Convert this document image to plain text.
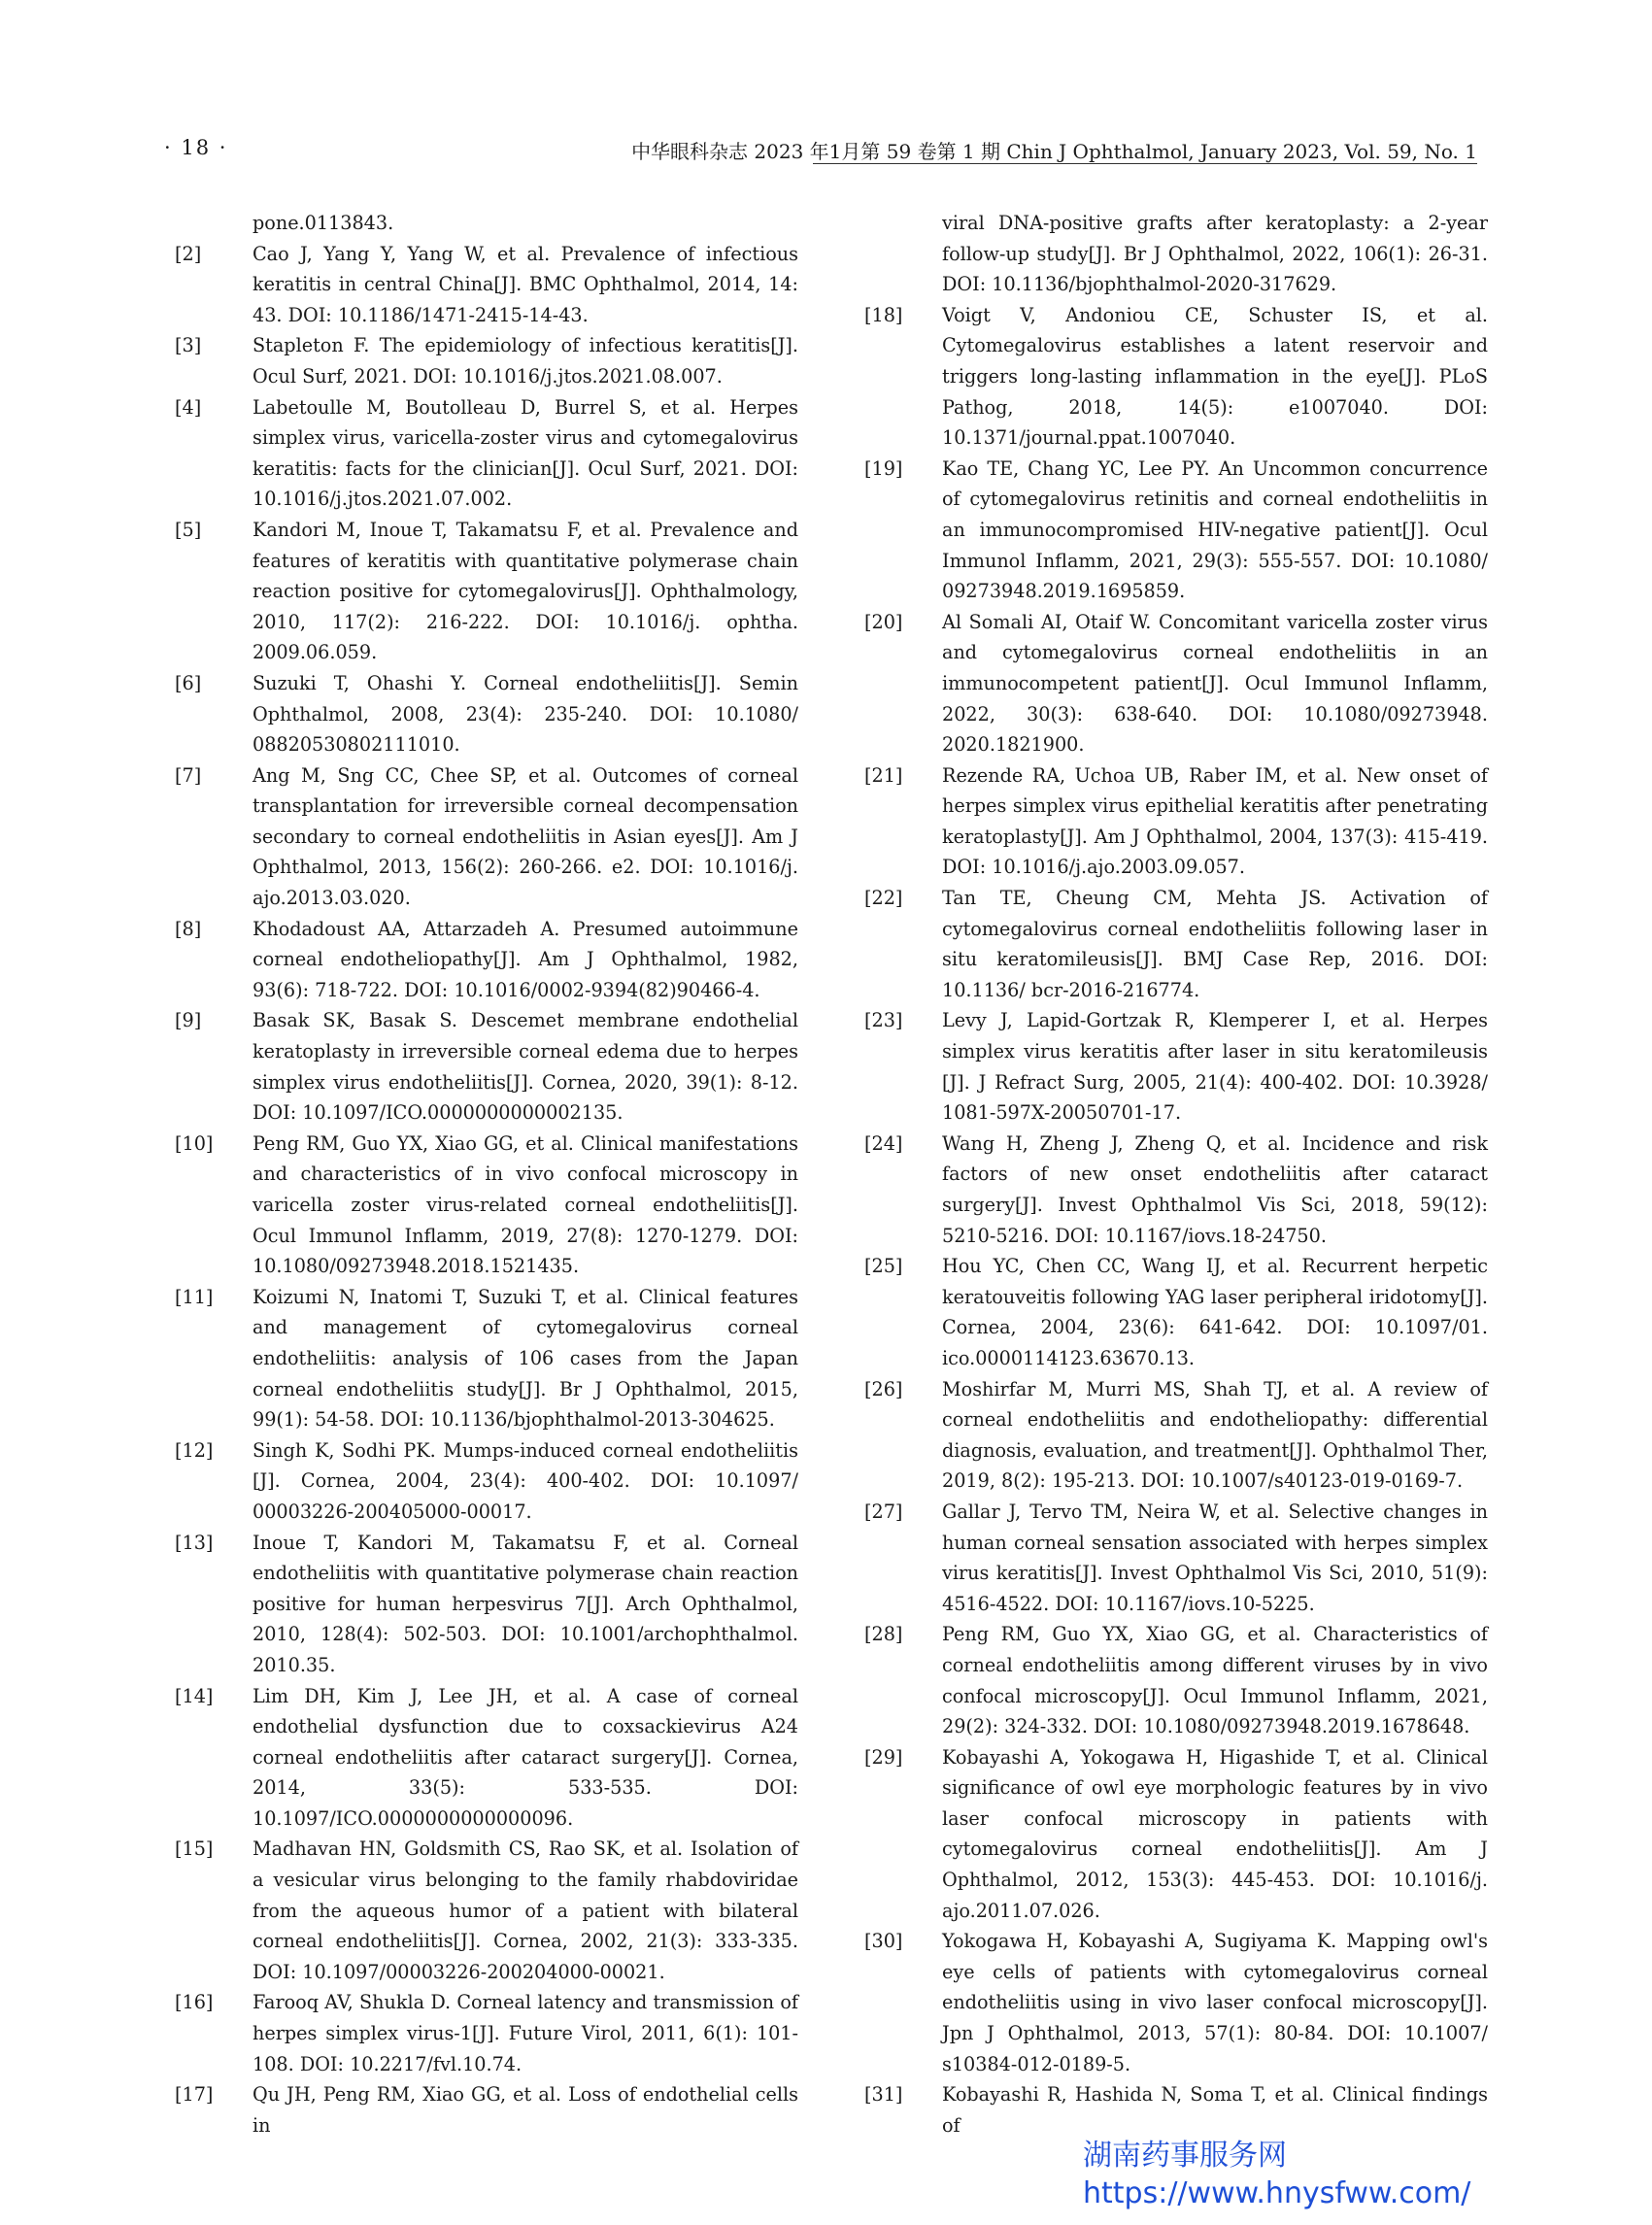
· 18 ·	中华眼科杂志 2023 年1月第 59 卷第 1 期 Chin J Ophthalmol, January 2023, Vol. 59, No. 1
pone.0113843.
[2]	Cao J, Yang Y, Yang W, et al. Prevalence of infectious keratitis in central China[J]. BMC Ophthalmol, 2014, 14: 43. DOI: 10.1186/1471-2415-14-43.
[3]	Stapleton F. The epidemiology of infectious keratitis[J]. Ocul Surf, 2021. DOI: 10.1016/j.jtos.2021.08.007.
[4]	Labetoulle M, Boutolleau D, Burrel S, et al. Herpes simplex virus, varicella-zoster virus and cytomegalovirus keratitis: facts for the clinician[J]. Ocul Surf, 2021. DOI: 10.1016/j.jtos.2021.07.002.
[5]	Kandori M, Inoue T, Takamatsu F, et al. Prevalence and features of keratitis with quantitative polymerase chain reaction positive for cytomegalovirus[J]. Ophthalmology, 2010, 117(2): 216-222. DOI: 10.1016/j. ophtha. 2009.06.059.
[6]	Suzuki T, Ohashi Y. Corneal endotheliitis[J]. Semin Ophthalmol, 2008, 23(4): 235-240. DOI: 10.1080/ 08820530802111010.
[7]	Ang M, Sng CC, Chee SP, et al. Outcomes of corneal transplantation for irreversible corneal decompensation secondary to corneal endotheliitis in Asian eyes[J]. Am J Ophthalmol, 2013, 156(2): 260-266. e2. DOI: 10.1016/j. ajo.2013.03.020.
[8]	Khodadoust AA, Attarzadeh A. Presumed autoimmune corneal endotheliopathy[J]. Am J Ophthalmol, 1982, 93(6): 718-722. DOI: 10.1016/0002-9394(82)90466-4.
[9]	Basak SK, Basak S. Descemet membrane endothelial keratoplasty in irreversible corneal edema due to herpes simplex virus endotheliitis[J]. Cornea, 2020, 39(1): 8-12. DOI: 10.1097/ICO.0000000000002135.
[10]	Peng RM, Guo YX, Xiao GG, et al. Clinical manifestations and characteristics of in vivo confocal microscopy in varicella zoster virus-related corneal endotheliitis[J]. Ocul Immunol Inflamm, 2019, 27(8): 1270-1279. DOI: 10.1080/09273948.2018.1521435.
[11]	Koizumi N, Inatomi T, Suzuki T, et al. Clinical features and management of cytomegalovirus corneal endotheliitis: analysis of 106 cases from the Japan corneal endotheliitis study[J]. Br J Ophthalmol, 2015, 99(1): 54-58. DOI: 10.1136/bjophthalmol-2013-304625.
[12]	Singh K, Sodhi PK. Mumps-induced corneal endotheliitis [J]. Cornea, 2004, 23(4): 400-402. DOI: 10.1097/ 00003226-200405000-00017.
[13]	Inoue T, Kandori M, Takamatsu F, et al. Corneal endotheliitis with quantitative polymerase chain reaction positive for human herpesvirus 7[J]. Arch Ophthalmol, 2010, 128(4): 502-503. DOI: 10.1001/archophthalmol. 2010.35.
[14]	Lim DH, Kim J, Lee JH, et al. A case of corneal endothelial dysfunction due to coxsackievirus A24 corneal endotheliitis after cataract surgery[J]. Cornea, 2014, 33(5): 533-535. DOI: 10.1097/ICO.0000000000000096.
[15]	Madhavan HN, Goldsmith CS, Rao SK, et al. Isolation of a vesicular virus belonging to the family rhabdoviridae from the aqueous humor of a patient with bilateral corneal endotheliitis[J]. Cornea, 2002, 21(3): 333-335. DOI: 10.1097/00003226-200204000-00021.
[16]	Farooq AV, Shukla D. Corneal latency and transmission of herpes simplex virus-1[J]. Future Virol, 2011, 6(1): 101-108. DOI: 10.2217/fvl.10.74.
[17]	Qu JH, Peng RM, Xiao GG, et al. Loss of endothelial cells in
viral DNA-positive grafts after keratoplasty: a 2-year follow-up study[J]. Br J Ophthalmol, 2022, 106(1): 26-31. DOI: 10.1136/bjophthalmol-2020-317629.
[18]	Voigt V, Andoniou CE, Schuster IS, et al. Cytomegalovirus establishes a latent reservoir and triggers long-lasting inflammation in the eye[J]. PLoS Pathog, 2018, 14(5): e1007040. DOI: 10.1371/journal.ppat.1007040.
[19]	Kao TE, Chang YC, Lee PY. An Uncommon concurrence of cytomegalovirus retinitis and corneal endotheliitis in an immunocompromised HIV-negative patient[J]. Ocul Immunol Inflamm, 2021, 29(3): 555-557. DOI: 10.1080/ 09273948.2019.1695859.
[20]	Al Somali AI, Otaif W. Concomitant varicella zoster virus and cytomegalovirus corneal endotheliitis in an immunocompetent patient[J]. Ocul Immunol Inflamm, 2022, 30(3): 638-640. DOI: 10.1080/09273948. 2020.1821900.
[21]	Rezende RA, Uchoa UB, Raber IM, et al. New onset of herpes simplex virus epithelial keratitis after penetrating keratoplasty[J]. Am J Ophthalmol, 2004, 137(3): 415-419. DOI: 10.1016/j.ajo.2003.09.057.
[22]	Tan TE, Cheung CM, Mehta JS. Activation of cytomegalovirus corneal endotheliitis following laser in situ keratomileusis[J]. BMJ Case Rep, 2016. DOI: 10.1136/ bcr-2016-216774.
[23]	Levy J, Lapid-Gortzak R, Klemperer I, et al. Herpes simplex virus keratitis after laser in situ keratomileusis [J]. J Refract Surg, 2005, 21(4): 400-402. DOI: 10.3928/ 1081-597X-20050701-17.
[24]	Wang H, Zheng J, Zheng Q, et al. Incidence and risk factors of new onset endotheliitis after cataract surgery[J]. Invest Ophthalmol Vis Sci, 2018, 59(12): 5210-5216. DOI: 10.1167/iovs.18-24750.
[25]	Hou YC, Chen CC, Wang IJ, et al. Recurrent herpetic keratouveitis following YAG laser peripheral iridotomy[J]. Cornea, 2004, 23(6): 641-642. DOI: 10.1097/01. ico.0000114123.63670.13.
[26]	Moshirfar M, Murri MS, Shah TJ, et al. A review of corneal endotheliitis and endotheliopathy: differential diagnosis, evaluation, and treatment[J]. Ophthalmol Ther, 2019, 8(2): 195-213. DOI: 10.1007/s40123-019-0169-7.
[27]	Gallar J, Tervo TM, Neira W, et al. Selective changes in human corneal sensation associated with herpes simplex virus keratitis[J]. Invest Ophthalmol Vis Sci, 2010, 51(9): 4516-4522. DOI: 10.1167/iovs.10-5225.
[28]	Peng RM, Guo YX, Xiao GG, et al. Characteristics of corneal endotheliitis among different viruses by in vivo confocal microscopy[J]. Ocul Immunol Inflamm, 2021, 29(2): 324-332. DOI: 10.1080/09273948.2019.1678648.
[29]	Kobayashi A, Yokogawa H, Higashide T, et al. Clinical significance of owl eye morphologic features by in vivo laser confocal microscopy in patients with cytomegalovirus corneal endotheliitis[J]. Am J Ophthalmol, 2012, 153(3): 445-453. DOI: 10.1016/j. ajo.2011.07.026.
[30]	Yokogawa H, Kobayashi A, Sugiyama K. Mapping owl's eye cells of patients with cytomegalovirus corneal endotheliitis using in vivo laser confocal microscopy[J]. Jpn J Ophthalmol, 2013, 57(1): 80-84. DOI: 10.1007/ s10384-012-0189-5.
[31]	Kobayashi R, Hashida N, Soma T, et al. Clinical findings of
湖南药事服务网
https://www.hnysfww.com/
